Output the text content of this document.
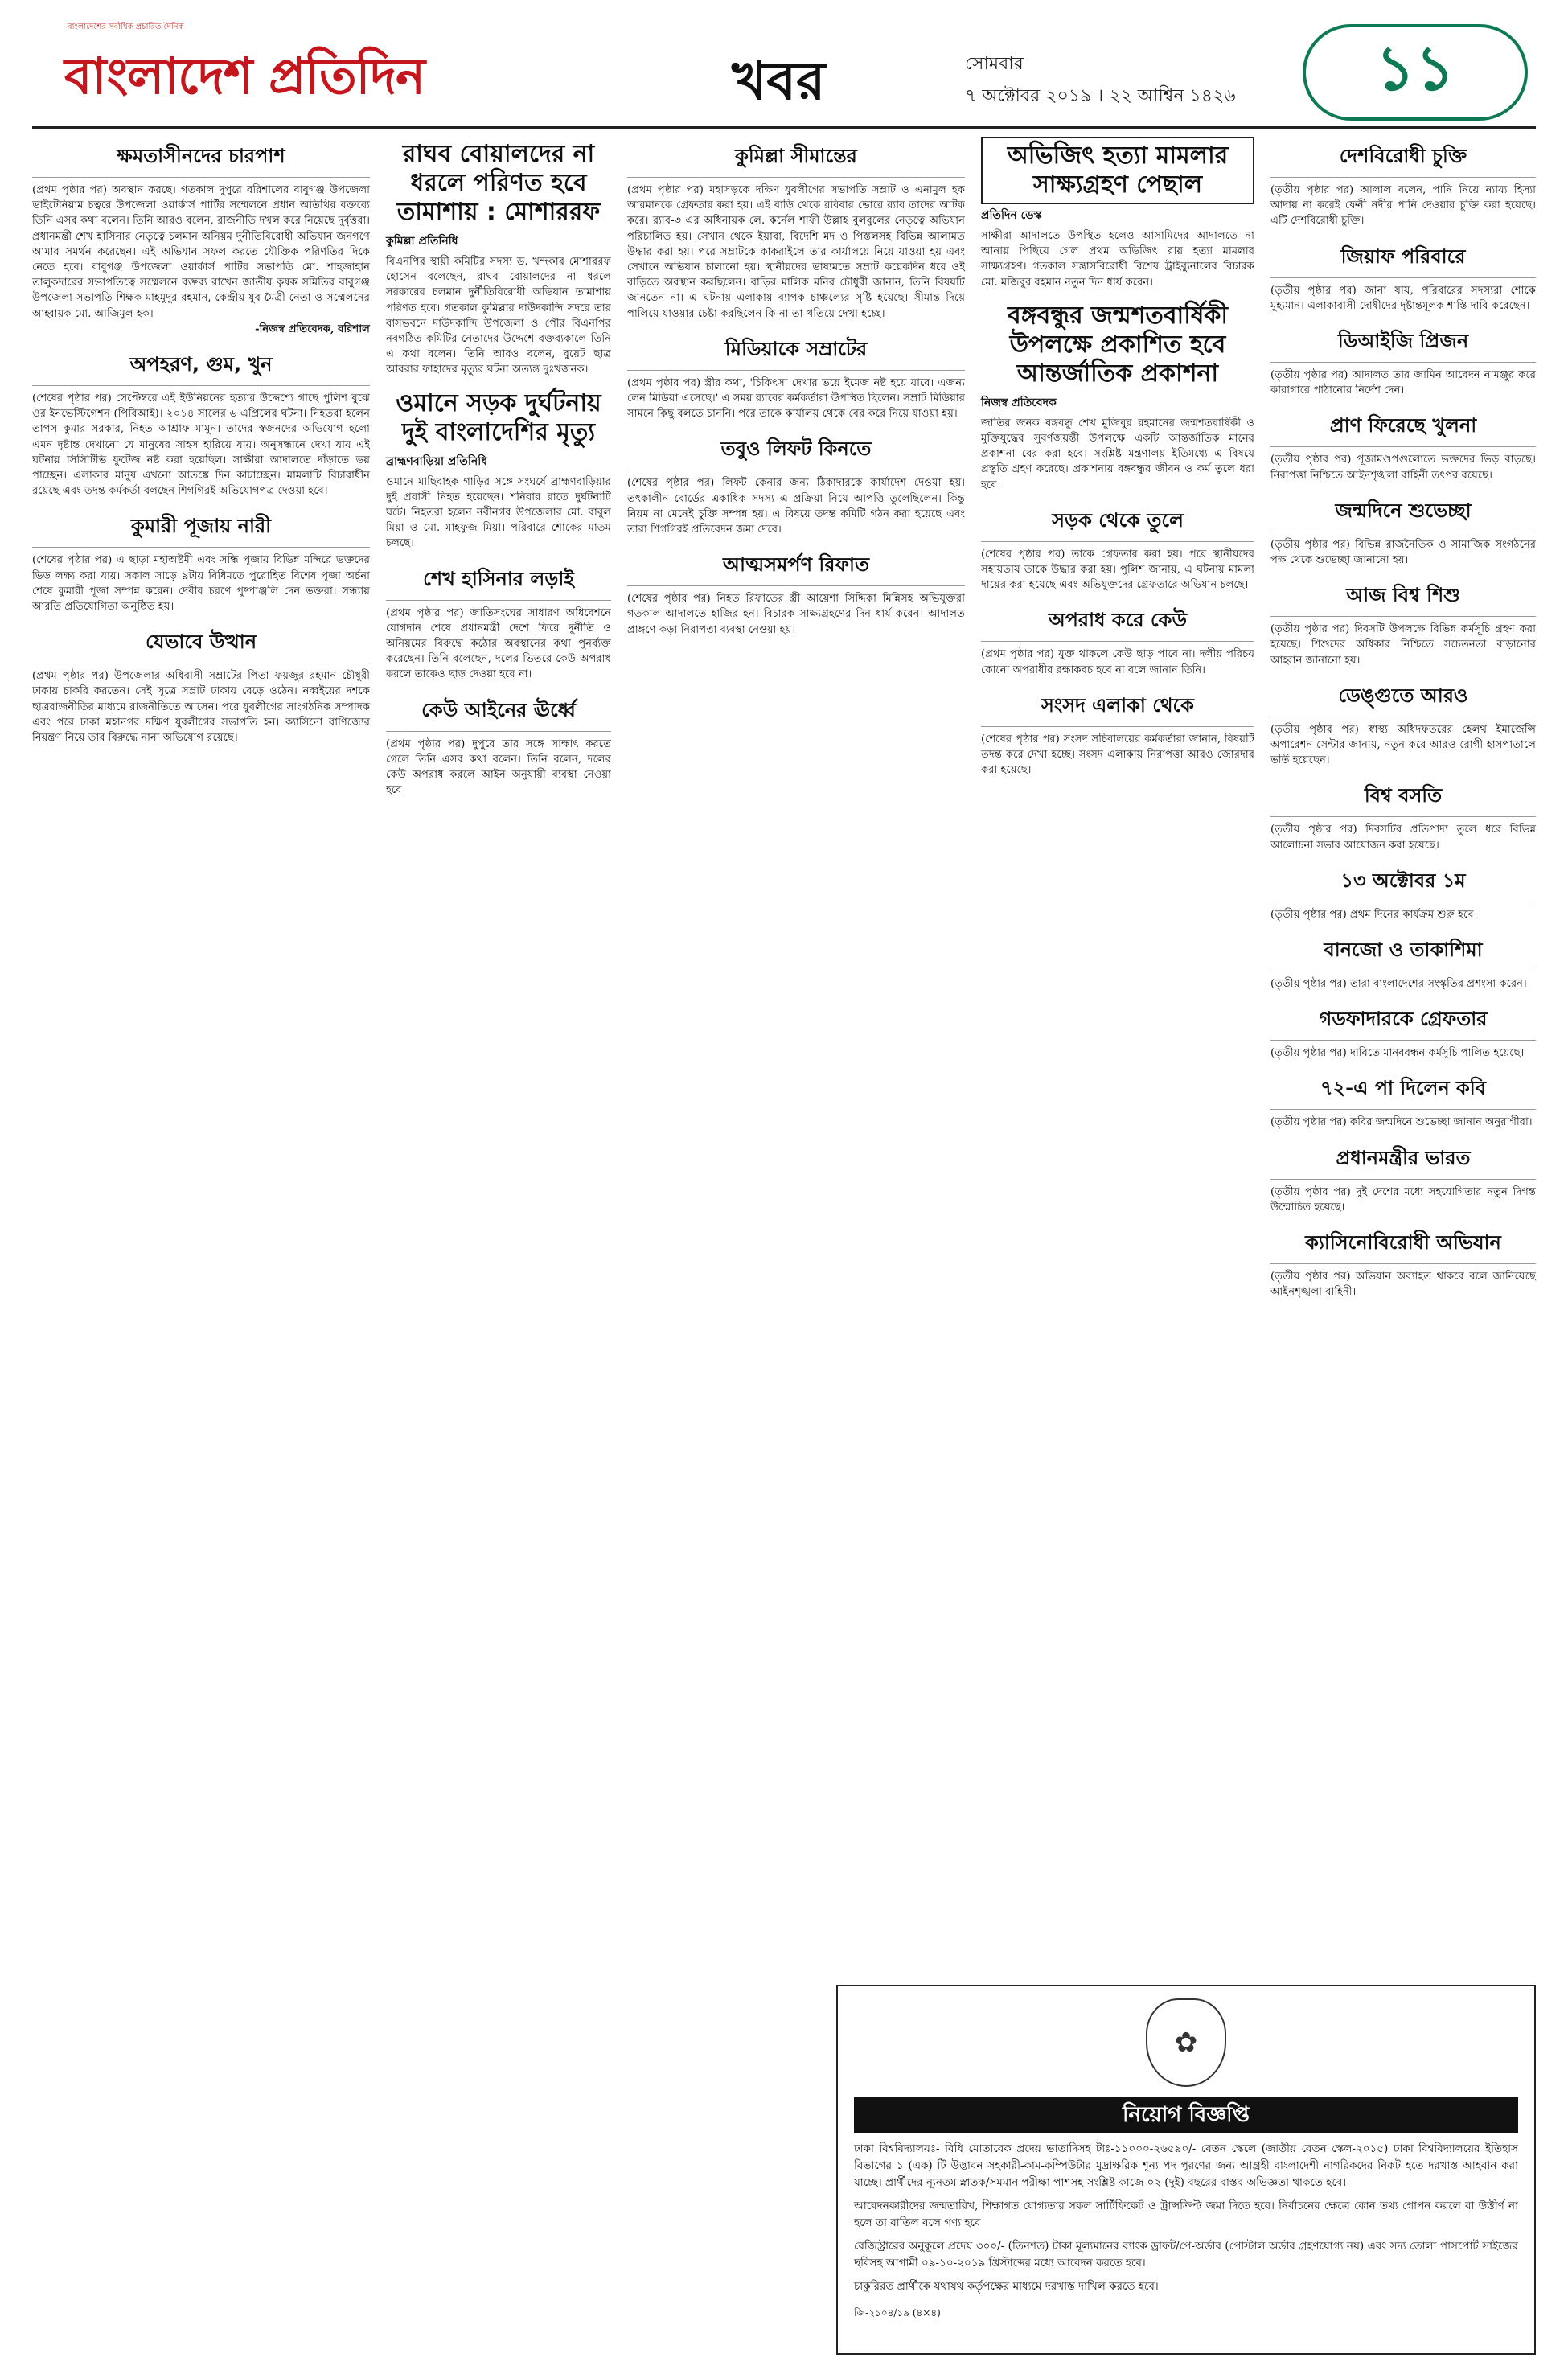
বাংলাদেশের সর্বাধিক প্রচারিত দৈনিক
বাংলাদেশ প্রতিদিন	খবর	সোমবার
৭ অক্টোবর ২০১৯ । ২২ আশ্বিন ১৪২৬	১১
ক্ষমতাসীনদের চারপাশ
(প্রথম পৃষ্ঠার পর) অবস্থান করছে। গতকাল দুপুরে বরিশালের বাবুগঞ্জ উপজেলা ভাইটেনিয়াম চত্বরে উপজেলা ওয়ার্কার্স পার্টির সম্মেলনে প্রধান অতিথির বক্তব্যে তিনি এসব কথা বলেন। তিনি আরও বলেন, রাজনীতি দখল করে নিয়েছে দুর্বৃত্তরা। প্রধানমন্ত্রী শেখ হাসিনার নেতৃত্বে চলমান অনিয়ম দুর্নীতিবিরোধী অভিযান জনগণে আমার সমর্থন করেছেন। এই অভিযান সফল করতে যৌক্তিক পরিণতির দিকে নেতে হবে। বাবুগঞ্জ উপজেলা ওয়ার্কার্স পার্টির সভাপতি মো. শাহজাহান তালুকদারের সভাপতিত্বে সম্মেলনে বক্তব্য রাখেন জাতীয় কৃষক সমিতির বাবুগঞ্জ উপজেলা সভাপতি শিক্ষক মাহমুদুর রহমান, কেন্দ্রীয় যুব মৈত্রী নেতা ও সম্মেলনের আহ্বায়ক মো. আজিমুল হক।
-নিজস্ব প্রতিবেদক, বরিশাল
অপহরণ, গুম, খুন
(শেষের পৃষ্ঠার পর) সেপ্টেম্বরে এই ইউনিয়নের হত্যার উদ্দেশ্যে গাছে পুলিশ বুঝে ওর ইনভেস্টিগেশন (পিবিআই)। ২০১৪ সালের ৬ এপ্রিলের ঘটনা। নিহতরা হলেন তাপস কুমার সরকার, নিহত আশ্রাফ মামুন। তাদের স্বজনদের অভিযোগ হলো এমন দৃষ্টান্ত দেখানো যে মানুষের সাহস হারিয়ে যায়। অনুসন্ধানে দেখা যায় এই ঘটনায় সিসিটিভি ফুটেজ নষ্ট করা হয়েছিল। সাক্ষীরা আদালতে দাঁড়াতে ভয় পাচ্ছেন। এলাকার মানুষ এখনো আতঙ্কে দিন কাটাচ্ছেন। মামলাটি বিচারাধীন রয়েছে এবং তদন্ত কর্মকর্তা বলছেন শিগগিরই অভিযোগপত্র দেওয়া হবে।
কুমারী পূজায় নারী
(শেষের পৃষ্ঠার পর) এ ছাড়া মহাঅষ্টমী এবং সন্ধি পূজায় বিভিন্ন মন্দিরে ভক্তদের ভিড় লক্ষ্য করা যায়। সকাল সাড়ে ৯টায় বিধিমতে পুরোহিত বিশেষ পূজা অর্চনা শেষে কুমারী পূজা সম্পন্ন করেন। দেবীর চরণে পুষ্পাঞ্জলি দেন ভক্তরা। সন্ধ্যায় আরতি প্রতিযোগিতা অনুষ্ঠিত হয়।
যেভাবে উত্থান
(প্রথম পৃষ্ঠার পর) উপজেলার অধিবাসী সম্রাটের পিতা ফয়জুর রহমান চৌধুরী ঢাকায় চাকরি করতেন। সেই সূত্রে সম্রাট ঢাকায় বেড়ে ওঠেন। নব্বইয়ের দশকে ছাত্ররাজনীতির মাধ্যমে রাজনীতিতে আসেন। পরে যুবলীগের সাংগঠনিক সম্পাদক এবং পরে ঢাকা মহানগর দক্ষিণ যুবলীগের সভাপতি হন। ক্যাসিনো বাণিজ্যের নিয়ন্ত্রণ নিয়ে তার বিরুদ্ধে নানা অভিযোগ রয়েছে।
রাঘব বোয়ালদের না ধরলে পরিণত হবে তামাশায় : মোশাররফ
কুমিল্লা প্রতিনিধি
বিএনপির স্থায়ী কমিটির সদস্য ড. খন্দকার মোশাররফ হোসেন বলেছেন, রাঘব বোয়ালদের না ধরলে সরকারের চলমান দুর্নীতিবিরোধী অভিযান তামাশায় পরিণত হবে। গতকাল কুমিল্লার দাউদকান্দি সদরে তার বাসভবনে দাউদকান্দি উপজেলা ও পৌর বিএনপির নবগঠিত কমিটির নেতাদের উদ্দেশে বক্তব্যকালে তিনি এ কথা বলেন। তিনি আরও বলেন, বুয়েট ছাত্র আবরার ফাহাদের মৃত্যুর ঘটনা অত্যন্ত দুঃখজনক।
ওমানে সড়ক দুর্ঘটনায় দুই বাংলাদেশির মৃত্যু
ব্রাহ্মণবাড়িয়া প্রতিনিধি
ওমানে মাছিবাহক গাড়ির সঙ্গে সংঘর্ষে ব্রাহ্মণবাড়িয়ার দুই প্রবাসী নিহত হয়েছেন। শনিবার রাতে দুর্ঘটনাটি ঘটে। নিহতরা হলেন নবীনগর উপজেলার মো. বাবুল মিয়া ও মো. মাহফুজ মিয়া। পরিবারে শোকের মাতম চলছে।
শেখ হাসিনার লড়াই
(প্রথম পৃষ্ঠার পর) জাতিসংঘের সাধারণ অধিবেশনে যোগদান শেষে প্রধানমন্ত্রী দেশে ফিরে দুর্নীতি ও অনিয়মের বিরুদ্ধে কঠোর অবস্থানের কথা পুনর্ব্যক্ত করেছেন। তিনি বলেছেন, দলের ভিতরে কেউ অপরাধ করলে তাকেও ছাড় দেওয়া হবে না।
কেউ আইনের ঊর্ধ্বে
(প্রথম পৃষ্ঠার পর) দুপুরে তার সঙ্গে সাক্ষাৎ করতে গেলে তিনি এসব কথা বলেন। তিনি বলেন, দলের কেউ অপরাধ করলে আইন অনুযায়ী ব্যবস্থা নেওয়া হবে।
কুমিল্লা সীমান্তের
(প্রথম পৃষ্ঠার পর) মহাসড়কে দক্ষিণ যুবলীগের সভাপতি সম্রাট ও এনামুল হক আরমানকে গ্রেফতার করা হয়। এই বাড়ি থেকে রবিবার ভোরে র‌্যাব তাদের আটক করে। র‌্যাব-৩ এর অধিনায়ক লে. কর্নেল শাফী উল্লাহ বুলবুলের নেতৃত্বে অভিযান পরিচালিত হয়। সেখান থেকে ইয়াবা, বিদেশি মদ ও পিস্তলসহ বিভিন্ন আলামত উদ্ধার করা হয়। পরে সম্রাটকে কাকরাইলে তার কার্যালয়ে নিয়ে যাওয়া হয় এবং সেখানে অভিযান চালানো হয়। স্থানীয়দের ভাষ্যমতে সম্রাট কয়েকদিন ধরে ওই বাড়িতে অবস্থান করছিলেন। বাড়ির মালিক মনির চৌধুরী জানান, তিনি বিষয়টি জানতেন না। এ ঘটনায় এলাকায় ব্যাপক চাঞ্চল্যের সৃষ্টি হয়েছে। সীমান্ত দিয়ে পালিয়ে যাওয়ার চেষ্টা করছিলেন কি না তা খতিয়ে দেখা হচ্ছে।
মিডিয়াকে সম্রাটের
(প্রথম পৃষ্ঠার পর) স্ত্রীর কথা, 'চিকিৎসা দেখার ভয়ে ইমেজ নষ্ট হয়ে যাবে। এজন্য লেন মিডিয়া এসেছে।' এ সময় র‌্যাবের কর্মকর্তারা উপস্থিত ছিলেন। সম্রাট মিডিয়ার সামনে কিছু বলতে চাননি। পরে তাকে কার্যালয় থেকে বের করে নিয়ে যাওয়া হয়।
তবুও লিফট কিনতে
(শেষের পৃষ্ঠার পর) লিফট কেনার জন্য ঠিকাদারকে কার্যাদেশ দেওয়া হয়। তৎকালীন বোর্ডের একাধিক সদস্য এ প্রক্রিয়া নিয়ে আপত্তি তুলেছিলেন। কিন্তু নিয়ম না মেনেই চুক্তি সম্পন্ন হয়। এ বিষয়ে তদন্ত কমিটি গঠন করা হয়েছে এবং তারা শিগগিরই প্রতিবেদন জমা দেবে।
আত্মসমর্পণ রিফাত
(শেষের পৃষ্ঠার পর) নিহত রিফাতের স্ত্রী আয়েশা সিদ্দিকা মিন্নিসহ অভিযুক্তরা গতকাল আদালতে হাজির হন। বিচারক সাক্ষ্যগ্রহণের দিন ধার্য করেন। আদালত প্রাঙ্গণে কড়া নিরাপত্তা ব্যবস্থা নেওয়া হয়।
অভিজিৎ হত্যা মামলার সাক্ষ্যগ্রহণ পেছাল
প্রতিদিন ডেস্ক
সাক্ষীরা আদালতে উপস্থিত হলেও আসামিদের আদালতে না আনায় পিছিয়ে গেল প্রথম অভিজিৎ রায় হত্যা মামলার সাক্ষ্যগ্রহণ। গতকাল সন্ত্রাসবিরোধী বিশেষ ট্রাইব্যুনালের বিচারক মো. মজিবুর রহমান নতুন দিন ধার্য করেন।
বঙ্গবন্ধুর জন্মশতবার্ষিকী উপলক্ষে প্রকাশিত হবে আন্তর্জাতিক প্রকাশনা
নিজস্ব প্রতিবেদক
জাতির জনক বঙ্গবন্ধু শেখ মুজিবুর রহমানের জন্মশতবার্ষিকী ও মুক্তিযুদ্ধের সুবর্ণজয়ন্তী উপলক্ষে একটি আন্তর্জাতিক মানের প্রকাশনা বের করা হবে। সংশ্লিষ্ট মন্ত্রণালয় ইতিমধ্যে এ বিষয়ে প্রস্তুতি গ্রহণ করেছে। প্রকাশনায় বঙ্গবন্ধুর জীবন ও কর্ম তুলে ধরা হবে।
সড়ক থেকে তুলে
(শেষের পৃষ্ঠার পর) তাকে গ্রেফতার করা হয়। পরে স্থানীয়দের সহায়তায় তাকে উদ্ধার করা হয়। পুলিশ জানায়, এ ঘটনায় মামলা দায়ের করা হয়েছে এবং অভিযুক্তদের গ্রেফতারে অভিযান চলছে।
অপরাধ করে কেউ
(প্রথম পৃষ্ঠার পর) যুক্ত থাকলে কেউ ছাড় পাবে না। দলীয় পরিচয় কোনো অপরাধীর রক্ষাকবচ হবে না বলে জানান তিনি।
সংসদ এলাকা থেকে
(শেষের পৃষ্ঠার পর) সংসদ সচিবালয়ের কর্মকর্তারা জানান, বিষয়টি তদন্ত করে দেখা হচ্ছে। সংসদ এলাকায় নিরাপত্তা আরও জোরদার করা হয়েছে।
দেশবিরোধী চুক্তি
(তৃতীয় পৃষ্ঠার পর) আলাল বলেন, পানি নিয়ে ন্যায্য হিস্যা আদায় না করেই ফেনী নদীর পানি দেওয়ার চুক্তি করা হয়েছে। এটি দেশবিরোধী চুক্তি।
জিয়াফ পরিবারে
(তৃতীয় পৃষ্ঠার পর) জানা যায়, পরিবারের সদস্যরা শোকে মুহ্যমান। এলাকাবাসী দোষীদের দৃষ্টান্তমূলক শাস্তি দাবি করেছেন।
ডিআইজি প্রিজন
(তৃতীয় পৃষ্ঠার পর) আদালত তার জামিন আবেদন নামঞ্জুর করে কারাগারে পাঠানোর নির্দেশ দেন।
প্রাণ ফিরেছে খুলনা
(তৃতীয় পৃষ্ঠার পর) পূজামণ্ডপগুলোতে ভক্তদের ভিড় বাড়ছে। নিরাপত্তা নিশ্চিতে আইনশৃঙ্খলা বাহিনী তৎপর রয়েছে।
জন্মদিনে শুভেচ্ছা
(তৃতীয় পৃষ্ঠার পর) বিভিন্ন রাজনৈতিক ও সামাজিক সংগঠনের পক্ষ থেকে শুভেচ্ছা জানানো হয়।
আজ বিশ্ব শিশু
(তৃতীয় পৃষ্ঠার পর) দিবসটি উপলক্ষে বিভিন্ন কর্মসূচি গ্রহণ করা হয়েছে। শিশুদের অধিকার নিশ্চিতে সচেতনতা বাড়ানোর আহ্বান জানানো হয়।
ডেঙ্গুতে আরও
(তৃতীয় পৃষ্ঠার পর) স্বাস্থ্য অধিদফতরের হেলথ ইমার্জেন্সি অপারেশন সেন্টার জানায়, নতুন করে আরও রোগী হাসপাতালে ভর্তি হয়েছেন।
বিশ্ব বসতি
(তৃতীয় পৃষ্ঠার পর) দিবসটির প্রতিপাদ্য তুলে ধরে বিভিন্ন আলোচনা সভার আয়োজন করা হয়েছে।
১৩ অক্টোবর ১ম
(তৃতীয় পৃষ্ঠার পর) প্রথম দিনের কার্যক্রম শুরু হবে।
বানজো ও তাকাশিমা
(তৃতীয় পৃষ্ঠার পর) তারা বাংলাদেশের সংস্কৃতির প্রশংসা করেন।
গডফাদারকে গ্রেফতার
(তৃতীয় পৃষ্ঠার পর) দাবিতে মানববন্ধন কর্মসূচি পালিত হয়েছে।
৭২-এ পা দিলেন কবি
(তৃতীয় পৃষ্ঠার পর) কবির জন্মদিনে শুভেচ্ছা জানান অনুরাগীরা।
প্রধানমন্ত্রীর ভারত
(তৃতীয় পৃষ্ঠার পর) দুই দেশের মধ্যে সহযোগিতার নতুন দিগন্ত উন্মোচিত হয়েছে।
ক্যাসিনোবিরোধী অভিযান
(তৃতীয় পৃষ্ঠার পর) অভিযান অব্যাহত থাকবে বলে জানিয়েছে আইনশৃঙ্খলা বাহিনী।
✿
নিয়োগ বিজ্ঞপ্তি

ঢাকা বিশ্ববিদ্যালয়ঃ- বিধি মোতাবেক প্রদেয় ভাতাদিসহ টাঃ-১১০০০-২৬৫৯০/- বেতন স্কেলে (জাতীয় বেতন স্কেল-২০১৫) ঢাকা বিশ্ববিদ্যালয়ের ইতিহাস বিভাগের ১ (এক) টি উদ্ভাবন সহকারী-কাম-কম্পিউটার মুদ্রাক্ষরিক শূন্য পদ পূরণের জন্য আগ্রহী বাংলাদেশী নাগরিকদের নিকট হতে দরখাস্ত আহবান করা যাচ্ছে। প্রার্থীদের ন্যূনতম স্নাতক/সমমান পরীক্ষা পাশসহ সংশ্লিষ্ট কাজে ০২ (দুই) বছরের বাস্তব অভিজ্ঞতা থাকতে হবে।

আবেদনকারীদের জন্মতারিখ, শিক্ষাগত যোগ্যতার সকল সার্টিফিকেট ও ট্রান্সক্রিপ্ট জমা দিতে হবে। নির্বাচনের ক্ষেত্রে কোন তথ্য গোপন করলে বা উত্তীর্ণ না হলে তা বাতিল বলে গণ্য হবে।

রেজিস্ট্রারের অনুকূলে প্রদেয় ৩০০/- (তিনশত) টাকা মূল্যমানের ব্যাংক ড্রাফট/পে-অর্ডার (পোস্টাল অর্ডার গ্রহণযোগ্য নয়) এবং সদ্য তোলা পাসপোর্ট সাইজের ছবিসহ আগামী ০৯-১০-২০১৯ খ্রিস্টাব্দের মধ্যে আবেদন করতে হবে।

চাকুরিরত প্রার্থীকে যথাযথ কর্তৃপক্ষের মাধ্যমে দরখাস্ত দাখিল করতে হবে।

জি-২১০৪/১৯ (৪×৪)
